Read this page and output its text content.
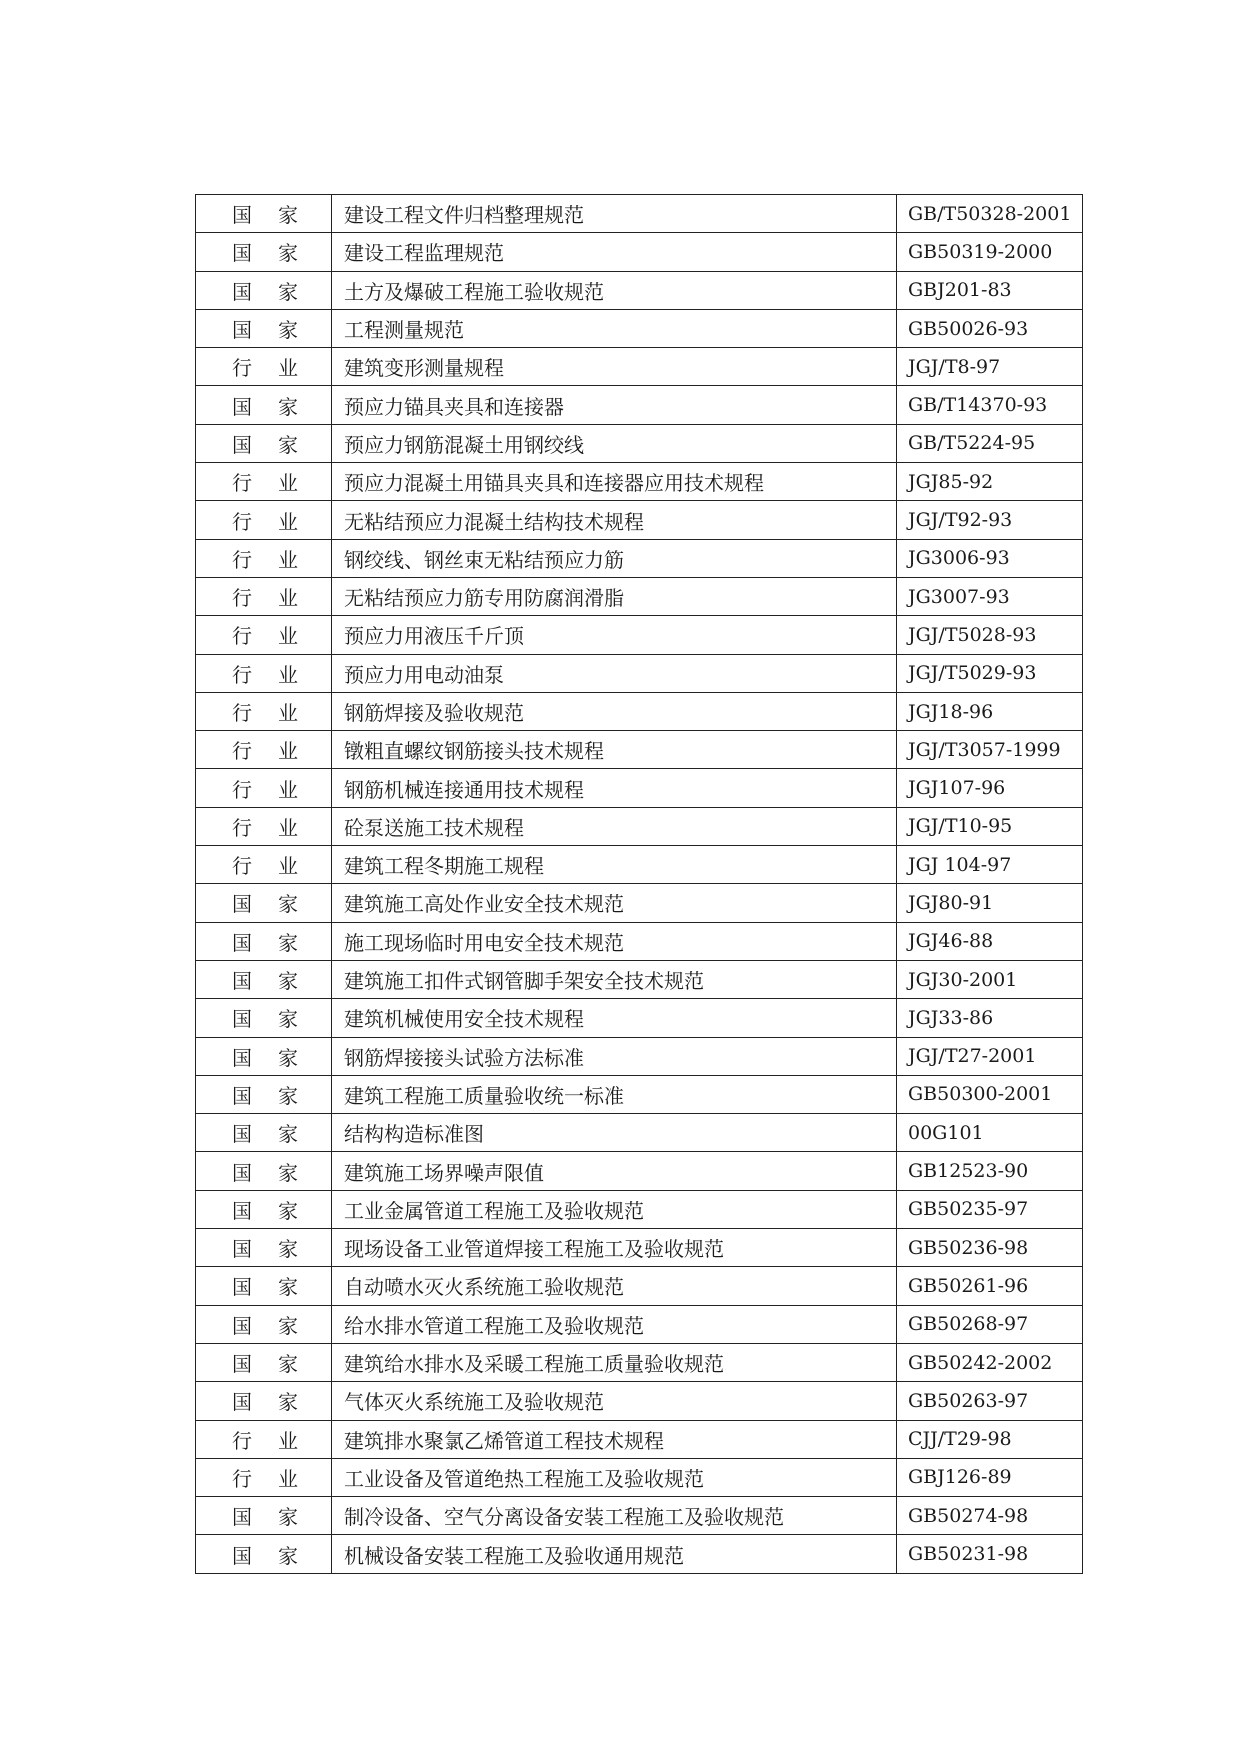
国家	建设工程文件归档整理规范	GB/T50328-2001
国家	建设工程监理规范	GB50319-2000
国家	土方及爆破工程施工验收规范	GBJ201-83
国家	工程测量规范	GB50026-93
行业	建筑变形测量规程	JGJ/T8-97
国家	预应力锚具夹具和连接器	GB/T14370-93
国家	预应力钢筋混凝土用钢绞线	GB/T5224-95
行业	预应力混凝土用锚具夹具和连接器应用技术规程	JGJ85-92
行业	无粘结预应力混凝土结构技术规程	JGJ/T92-93
行业	钢绞线、钢丝束无粘结预应力筋	JG3006-93
行业	无粘结预应力筋专用防腐润滑脂	JG3007-93
行业	预应力用液压千斤顶	JGJ/T5028-93
行业	预应力用电动油泵	JGJ/T5029-93
行业	钢筋焊接及验收规范	JGJ18-96
行业	镦粗直螺纹钢筋接头技术规程	JGJ/T3057-1999
行业	钢筋机械连接通用技术规程	JGJ107-96
行业	砼泵送施工技术规程	JGJ/T10-95
行业	建筑工程冬期施工规程	JGJ 104-97
国家	建筑施工高处作业安全技术规范	JGJ80-91
国家	施工现场临时用电安全技术规范	JGJ46-88
国家	建筑施工扣件式钢管脚手架安全技术规范	JGJ30-2001
国家	建筑机械使用安全技术规程	JGJ33-86
国家	钢筋焊接接头试验方法标准	JGJ/T27-2001
国家	建筑工程施工质量验收统一标准	GB50300-2001
国家	结构构造标准图	00G101
国家	建筑施工场界噪声限值	GB12523-90
国家	工业金属管道工程施工及验收规范	GB50235-97
国家	现场设备工业管道焊接工程施工及验收规范	GB50236-98
国家	自动喷水灭火系统施工验收规范	GB50261-96
国家	给水排水管道工程施工及验收规范	GB50268-97
国家	建筑给水排水及采暖工程施工质量验收规范	GB50242-2002
国家	气体灭火系统施工及验收规范	GB50263-97
行业	建筑排水聚氯乙烯管道工程技术规程	CJJ/T29-98
行业	工业设备及管道绝热工程施工及验收规范	GBJ126-89
国家	制冷设备、空气分离设备安装工程施工及验收规范	GB50274-98
国家	机械设备安装工程施工及验收通用规范	GB50231-98
